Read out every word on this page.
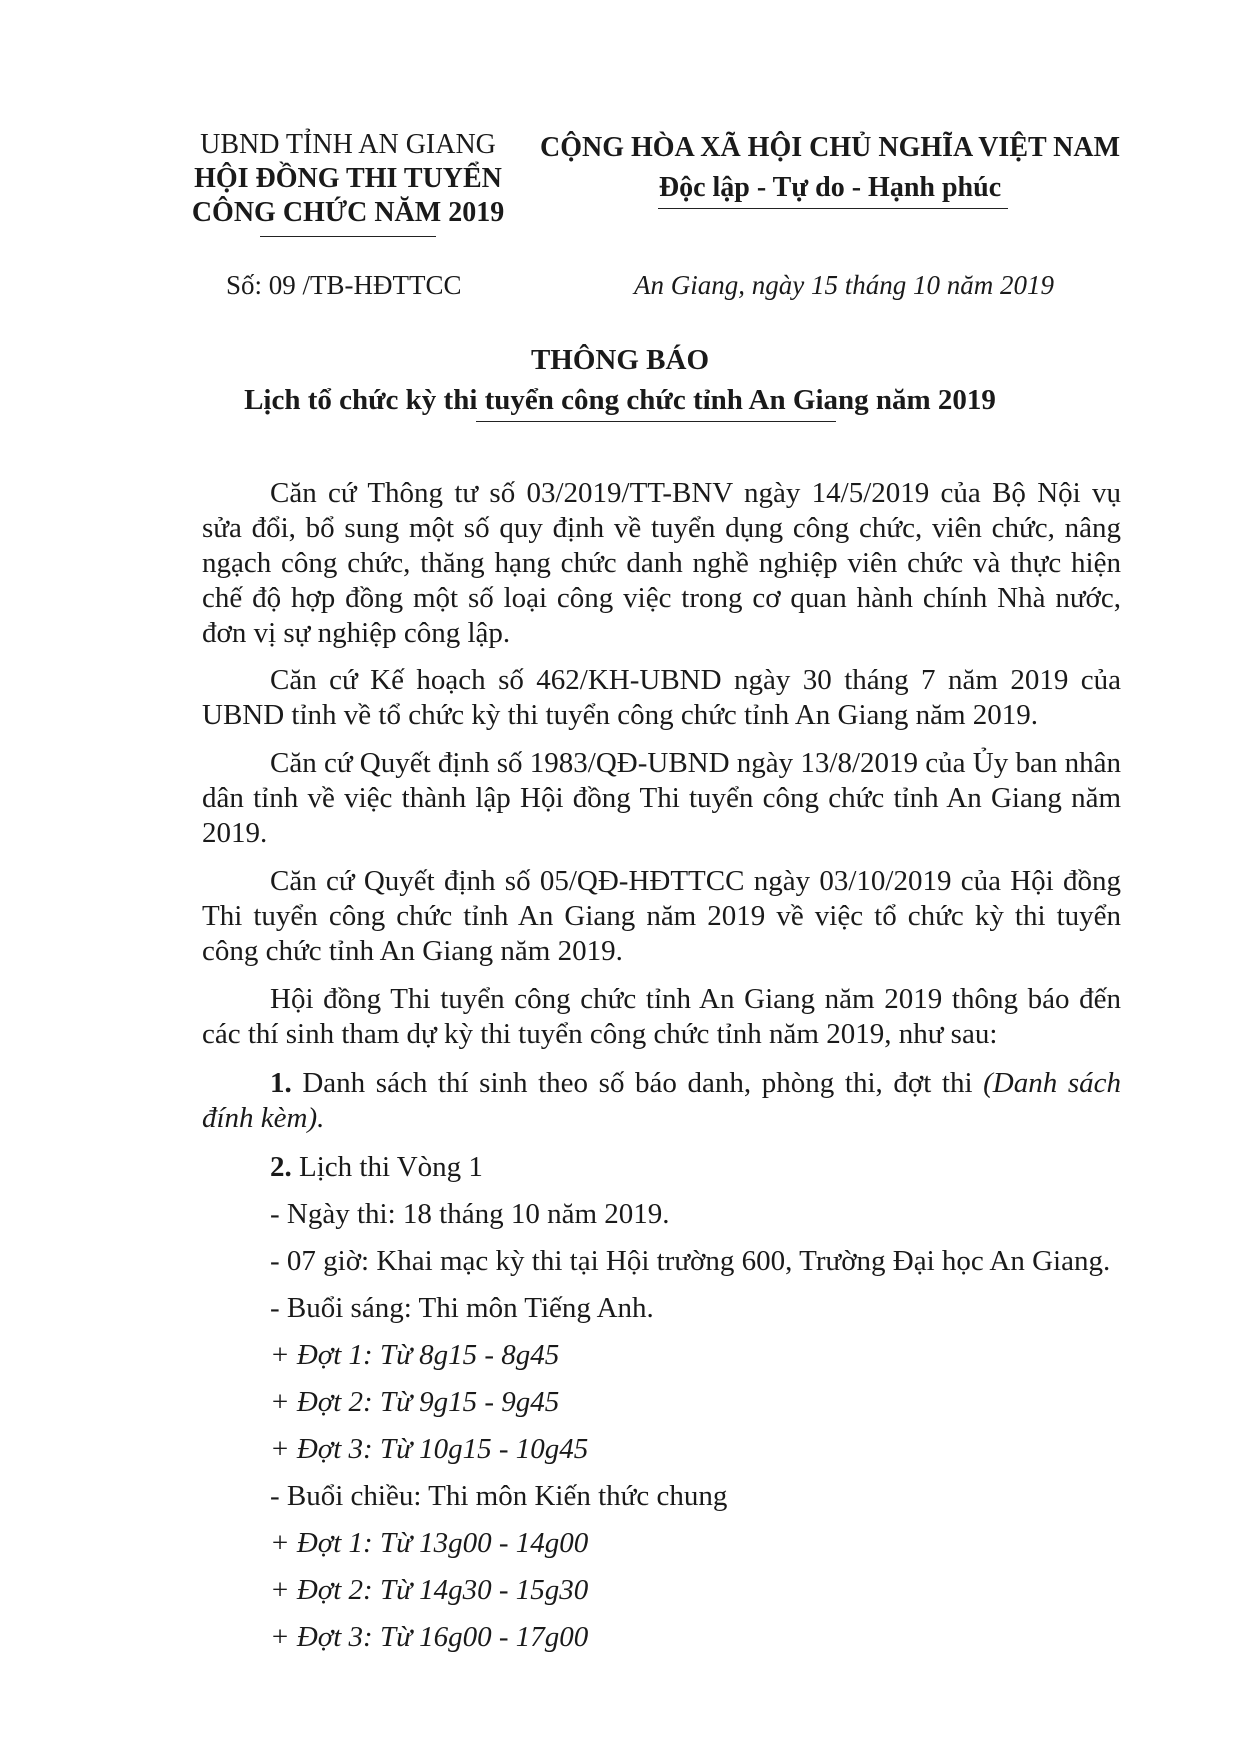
UBND TỈNH AN GIANG
HỘI ĐỒNG THI TUYỂN
CÔNG CHỨC NĂM 2019
CỘNG HÒA XÃ HỘI CHỦ NGHĨA VIỆT NAM
Độc lập - Tự do - Hạnh phúc
Số: 09 /TB-HĐTTCC	An Giang, ngày 15 tháng 10 năm 2019
THÔNG BÁO
Lịch tổ chức kỳ thi tuyển công chức tỉnh An Giang năm 2019
Căn cứ Thông tư số 03/2019/TT-BNV ngày 14/5/2019 của Bộ Nội vụ sửa đổi, bổ sung một số quy định về tuyển dụng công chức, viên chức, nâng ngạch công chức, thăng hạng chức danh nghề nghiệp viên chức và thực hiện chế độ hợp đồng một số loại công việc trong cơ quan hành chính Nhà nước, đơn vị sự nghiệp công lập.
Căn cứ Kế hoạch số 462/KH-UBND ngày 30 tháng 7 năm 2019 của UBND tỉnh về tổ chức kỳ thi tuyển công chức tỉnh An Giang năm 2019.
Căn cứ Quyết định số 1983/QĐ-UBND ngày 13/8/2019 của Ủy ban nhân dân tỉnh về việc thành lập Hội đồng Thi tuyển công chức tỉnh An Giang năm 2019.
Căn cứ Quyết định số 05/QĐ-HĐTTCC ngày 03/10/2019 của Hội đồng Thi tuyển công chức tỉnh An Giang năm 2019 về việc tổ chức kỳ thi tuyển công chức tỉnh An Giang năm 2019.
Hội đồng Thi tuyển công chức tỉnh An Giang năm 2019 thông báo đến các thí sinh tham dự kỳ thi tuyển công chức tỉnh năm 2019, như sau:
1. Danh sách thí sinh theo số báo danh, phòng thi, đợt thi (Danh sách đính kèm).
2. Lịch thi Vòng 1
- Ngày thi: 18 tháng 10 năm 2019.
- 07 giờ: Khai mạc kỳ thi tại Hội trường 600, Trường Đại học An Giang.
- Buổi sáng: Thi môn Tiếng Anh.
+ Đợt 1: Từ 8g15 - 8g45
+ Đợt 2: Từ 9g15 - 9g45
+ Đợt 3: Từ 10g15 - 10g45
- Buổi chiều: Thi môn Kiến thức chung
+ Đợt 1: Từ 13g00 - 14g00
+ Đợt 2: Từ 14g30 - 15g30
+ Đợt 3: Từ 16g00 - 17g00
